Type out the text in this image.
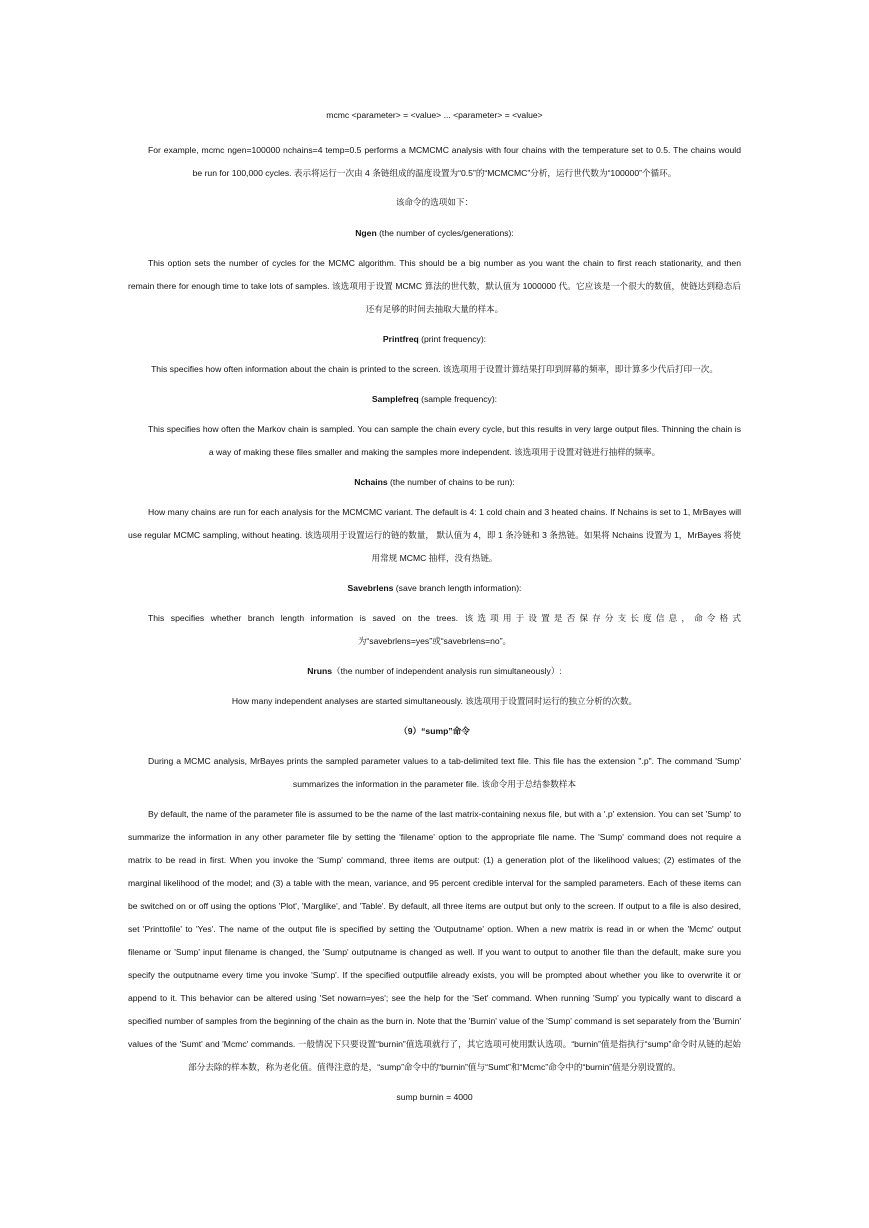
mcmc <parameter> = <value> ... <parameter> = <value>

For example, mcmc ngen=100000 nchains=4 temp=0.5 performs a MCMCMC analysis with four chains with the temperature set to 0.5. The chains would be run for 100,000 cycles. 表示将运行一次由 4 条链组成的温度设置为“0.5”的“MCMCMC”分析，运行世代数为“100000”个循环。

该命令的选项如下：

Ngen (the number of cycles/generations):

This option sets the number of cycles for the MCMC algorithm. This should be a big number as you want the chain to first reach stationarity, and then remain there for enough time to take lots of samples. 该选项用于设置 MCMC 算法的世代数，默认值为 1000000 代。它应该是一个很大的数值，使链达到稳态后还有足够的时间去抽取大量的样本。

Printfreq (print frequency):

This specifies how often information about the chain is printed to the screen. 该选项用于设置计算结果打印到屏幕的频率，即计算多少代后打印一次。

Samplefreq (sample frequency):

This specifies how often the Markov chain is sampled. You can sample the chain every cycle, but this results in very large output files. Thinning the chain is a way of making these files smaller and making the samples more independent. 该选项用于设置对链进行抽样的频率。

Nchains (the number of chains to be run):

How many chains are run for each analysis for the MCMCMC variant. The default is 4: 1 cold chain and 3 heated chains. If Nchains is set to 1, MrBayes will use regular MCMC sampling, without heating. 该选项用于设置运行的链的数量， 默认值为 4，即 1 条冷链和 3 条热链。如果将 Nchains 设置为 1，MrBayes 将使用常规 MCMC 抽样，没有热链。

Savebrlens (save branch length information):

This specifies whether branch length information is saved on the trees. 该选项用于设置是否保存分支长度信息，命令格式为“savebrlens=yes”或“savebrlens=no”。

Nruns（the number of independent analysis run simultaneously）:

How many independent analyses are started simultaneously. 该选项用于设置同时运行的独立分析的次数。

（9）“sump”命令

During a MCMC analysis, MrBayes prints the sampled parameter values to a tab-delimited text file. This file has the extension ".p". The command 'Sump' summarizes the information in the parameter file. 该命令用于总结参数样本

By default, the name of the parameter file is assumed to be the name of the last matrix-containing nexus file, but with a '.p' extension. You can set 'Sump' to summarize the information in any other parameter file by setting the 'filename' option to the appropriate file name. The 'Sump' command does not require a matrix to be read in first. When you invoke the 'Sump' command, three items are output: (1) a generation plot of the likelihood values; (2) estimates of the marginal likelihood of the model; and (3) a table with the mean, variance, and 95 percent credible interval for the sampled parameters. Each of these items can be switched on or off using the options 'Plot', 'Marglike', and 'Table'. By default, all three items are output but only to the screen. If output to a file is also desired, set 'Printtofile' to 'Yes'. The name of the output file is specified by setting the 'Outputname' option. When a new matrix is read in or when the 'Mcmc' output filename or 'Sump' input filename is changed, the 'Sump' outputname is changed as well. If you want to output to another file than the default, make sure you specify the outputname every time you invoke 'Sump'. If the specified outputfile already exists, you will be prompted about whether you like to overwrite it or append to it. This behavior can be altered using 'Set nowarn=yes'; see the help for the 'Set' command. When running 'Sump' you typically want to discard a specified number of samples from the beginning of the chain as the burn in. Note that the 'Burnin' value of the 'Sump' command is set separately from the 'Burnin' values of the 'Sumt' and 'Mcmc' commands. 一般情况下只要设置“burnin”值选项就行了，其它选项可使用默认选项。“burnin”值是指执行“sump”命令时从链的起始部分去除的样本数，称为老化值。值得注意的是，“sump”命令中的“burnin”值与“Sumt”和“Mcmc”命令中的“burnin”值是分别设置的。

sump burnin = 4000
